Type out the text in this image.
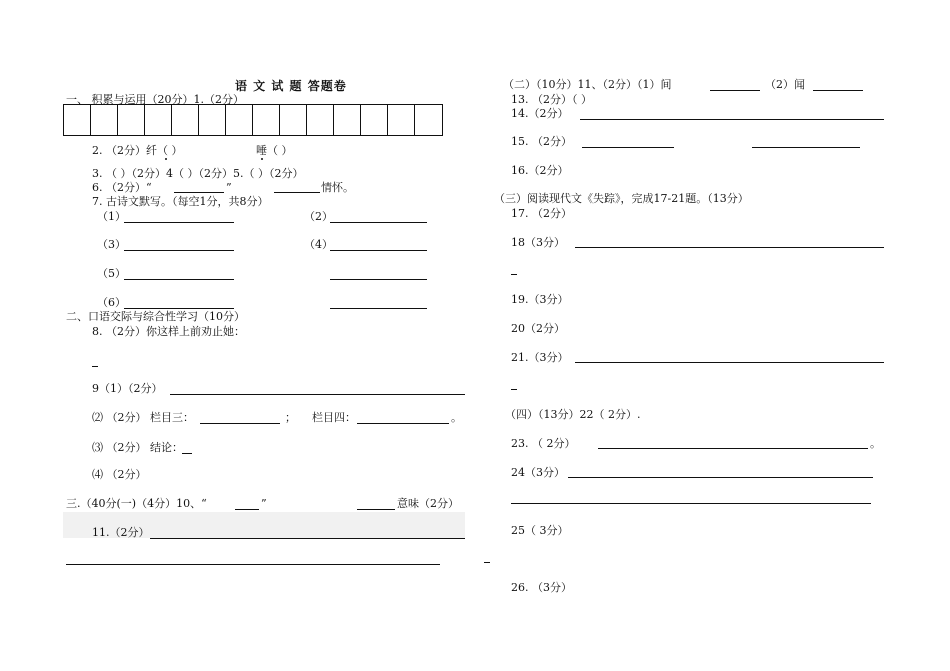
语 文 试 题 答题卷
一、 积累与运用（20分）1.（2分）
2. （2分）纤（ ）	唾（ ）
3. （ ）（2分）4（ ）（2分）5.（ ）（2分）
6. （2分）“	”	情怀。
7. 古诗文默写。（每空1分，共8分）
（1）	（2）
（3）	（4）
（5）
（6）
二、口语交际与综合性学习（10分）
8. （2分）你这样上前劝止她：
9（1）（2分）
⑵ （2分） 栏目三：	； 栏目四：	。
⑶ （2分） 结论：
⑷ （2分）
三.（40分(一)（4分）10、“	”	意味（2分）
11.（2分）
（二）（10分）11、（2分）（1）间	（2）闻
13. （2分）（ ）
14.（2分）
15. （2分）
16.（2分）
（三）阅读现代文《失踪》，完成17-21题。（13分）
17. （2分）
18（3分）
19.（3分）
20（2分）
21.（3分）
（四）（13分）22（ 2分）.
23. （ 2分）	。
24（3分）
25（ 3分）
26. （3分）
